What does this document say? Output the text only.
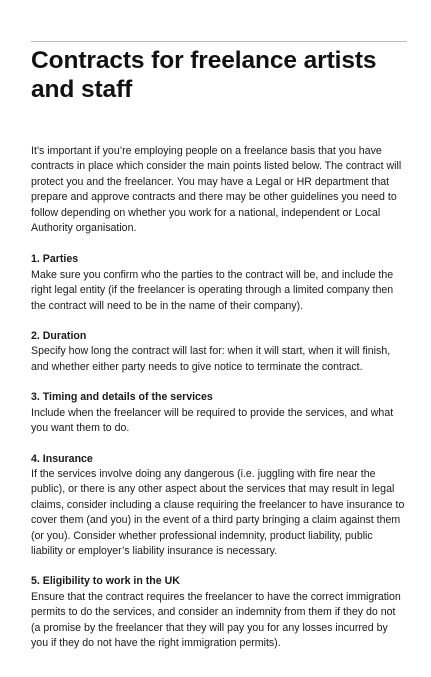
Contracts for freelance artists and staff

It’s important if you’re employing people on a freelance basis that you have contracts in place which consider the main points listed below. The contract will protect you and the freelancer. You may have a Legal or HR department that prepare and approve contracts and there may be other guidelines you need to follow depending on whether you work for a national, independent or Local Authority organisation.

1. Parties

Make sure you confirm who the parties to the contract will be, and include the right legal entity (if the freelancer is operating through a limited company then the contract will need to be in the name of their company).

2. Duration

Specify how long the contract will last for: when it will start, when it will finish, and whether either party needs to give notice to terminate the contract.

3. Timing and details of the services

Include when the freelancer will be required to provide the services, and what you want them to do.

4. Insurance

If the services involve doing any dangerous (i.e. juggling with fire near the public), or there is any other aspect about the services that may result in legal claims, consider including a clause requiring the freelancer to have insurance to cover them (and you) in the event of a third party bringing a claim against them (or you). Consider whether professional indemnity, product liability, public liability or employer’s liability insurance is necessary.

5. Eligibility to work in the UK

Ensure that the contract requires the freelancer to have the correct immigration permits to do the services, and consider an indemnity from them if they do not (a promise by the freelancer that they will pay you for any losses incurred by you if they do not have the right immigration permits).
